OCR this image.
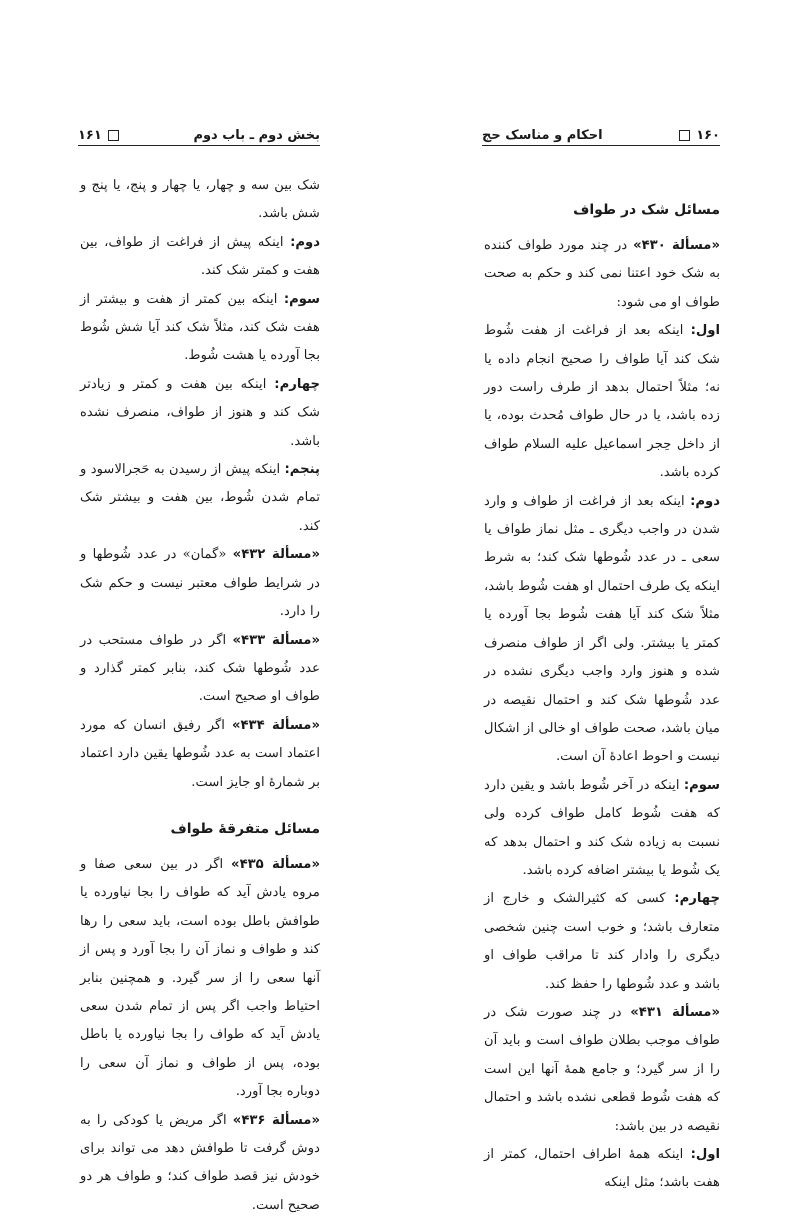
بخش دوم ـ باب دوم
۱۶۱

شک بین سه و چهار، یا چهار و پنج، یا پنج و شش باشد.

دوم: اینکه پیش از فراغت از طواف، بین هفت و کمتر شک کند.

سوم: اینکه بین کمتر از هفت و بیشتر از هفت شک کند، مثلاً شک کند آیا شش شُوط بجا آورده یا هشت شُوط.

چهارم: اینکه بین هفت و کمتر و زیادتر شک کند و هنوز از طواف، منصرف نشده باشد.

پنجم: اینکه پیش از رسیدن به حَجرالاسود و تمام شدن شُوط، بین هفت و بیشتر شک کند.

«مسألة ۴۳۲» «گمان» در عدد شُوطها و در شرایط طواف معتبر نیست و حکم شک را دارد.

«مسألة ۴۳۳» اگر در طواف مستحب در عدد شُوطها شک کند، بنابر کمتر گذارد و طواف او صحیح است.

«مسألة ۴۳۴» اگر رفیق انسان که مورد اعتماد است به عدد شُوطها یقین دارد اعتماد بر شمارهٔ او جایز است.

مسائل متفرقهٔ طواف

«مسألة ۴۳۵» اگر در بین سعی صفا و مروه یادش آید که طواف را بجا نیاورده یا طوافش باطل بوده است، باید سعی را رها کند و طواف و نماز آن را بجا آورد و پس از آنها سعی را از سر گیرد. و همچنین بنابر احتیاط واجب اگر پس از تمام شدن سعی یادش آید که طواف را بجا نیاورده یا باطل بوده، پس از طواف و نماز آن سعی را دوباره بجا آورد.

«مسألة ۴۳۶» اگر مریض یا کودکی را به دوش گرفت تا طوافش دهد می تواند برای خودش نیز قصد طواف کند؛ و طواف هر دو صحیح است.

۱۶۰
احکام و مناسک حج
مسائل شک در طواف

«مسألة ۴۳۰» در چند مورد طواف کننده به شک خود اعتنا نمی کند و حکم به صحت طواف او می شود:

اول: اینکه بعد از فراغت از هفت شُوط شک کند آیا طواف را صحیح انجام داده یا نه؛ مثلاً احتمال بدهد از طرف راست دور زده باشد، یا در حال طواف مُحدث بوده، یا از داخل حِجر اسماعیل علیه السلام طواف کرده باشد.

دوم: اینکه بعد از فراغت از طواف و وارد شدن در واجب دیگری ـ مثل نماز طواف یا سعی ـ در عدد شُوطها شک کند؛ به شرط اینکه یک طرف احتمال او هفت شُوط باشد، مثلاً شک کند آیا هفت شُوط بجا آورده یا کمتر یا بیشتر. ولی اگر از طواف منصرف شده و هنوز وارد واجب دیگری نشده در عدد شُوطها شک کند و احتمال نقیصه در میان باشد، صحت طواف او خالی از اشکال نیست و احوط اعادهٔ آن است.

سوم: اینکه در آخر شُوط باشد و یقین دارد که هفت شُوط کامل طواف کرده ولی نسبت به زیاده شک کند و احتمال بدهد که یک شُوط یا بیشتر اضافه کرده باشد.

چهارم: کسی که کثیرالشک و خارج از متعارف باشد؛ و خوب است چنین شخصی دیگری را وادار کند تا مراقب طواف او باشد و عدد شُوطها را حفظ کند.

«مسألة ۴۳۱» در چند صورت شک در طواف موجب بطلان طواف است و باید آن را از سر گیرد؛ و جامع همهٔ آنها این است که هفت شُوط قطعی نشده باشد و احتمال نقیصه در بین باشد:

اول: اینکه همهٔ اطراف احتمال، کمتر از هفت باشد؛ مثل اینکه
